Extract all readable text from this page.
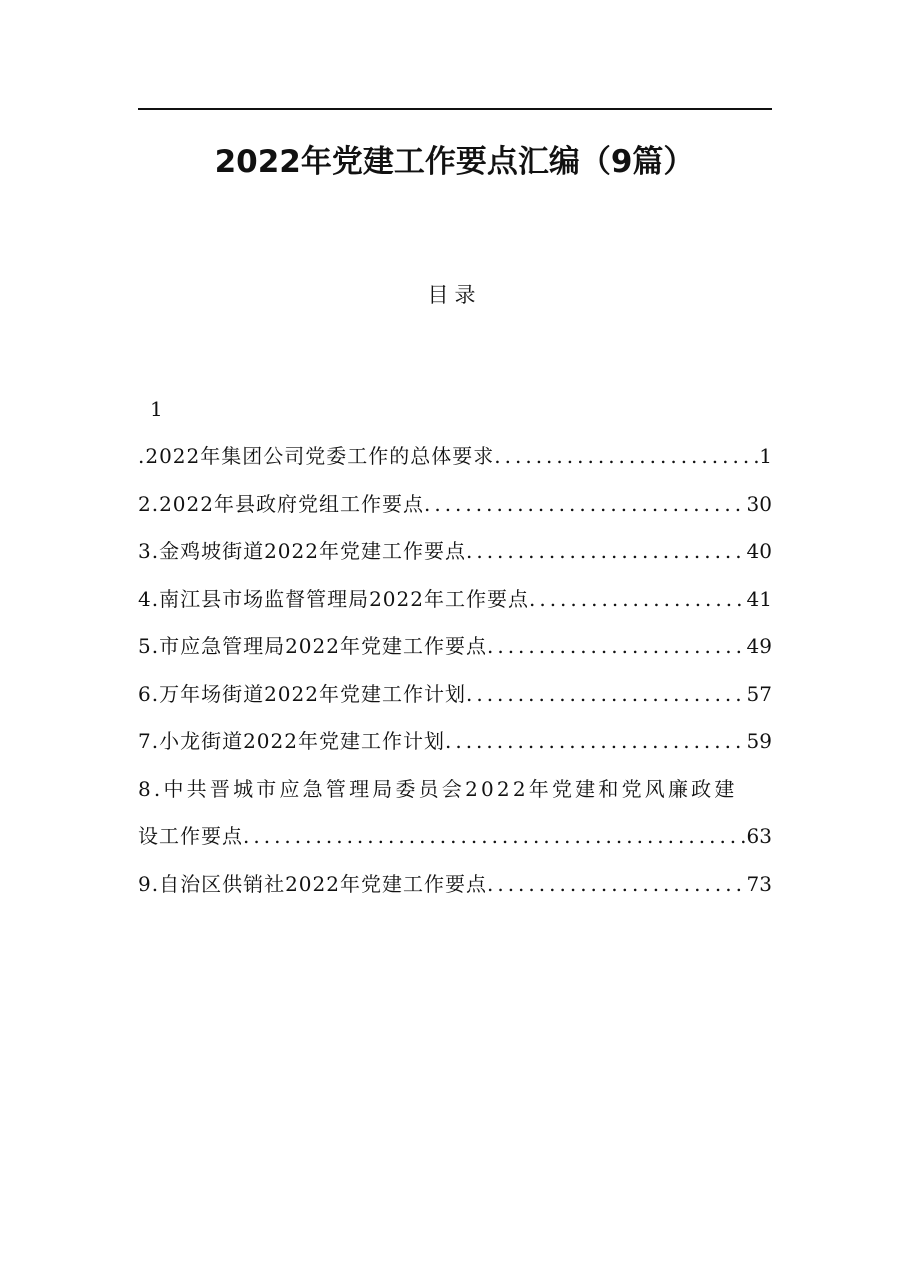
2022年党建工作要点汇编（9篇）
目录
1
.2022年集团公司党委工作的总体要求 .....	1
2.2022年县政府党组工作要点 .....	30
3.金鸡坡街道2022年党建工作要点 .....	40
4.南江县市场监督管理局2022年工作要点 .....	41
5.市应急管理局2022年党建工作要点 .....	49
6.万年场街道2022年党建工作计划 .....	57
7.小龙街道2022年党建工作计划 .....	59
8.中共晋城市应急管理局委员会2022年党建和党风廉政建
设工作要点 .....	63
9.自治区供销社2022年党建工作要点 .....	73
